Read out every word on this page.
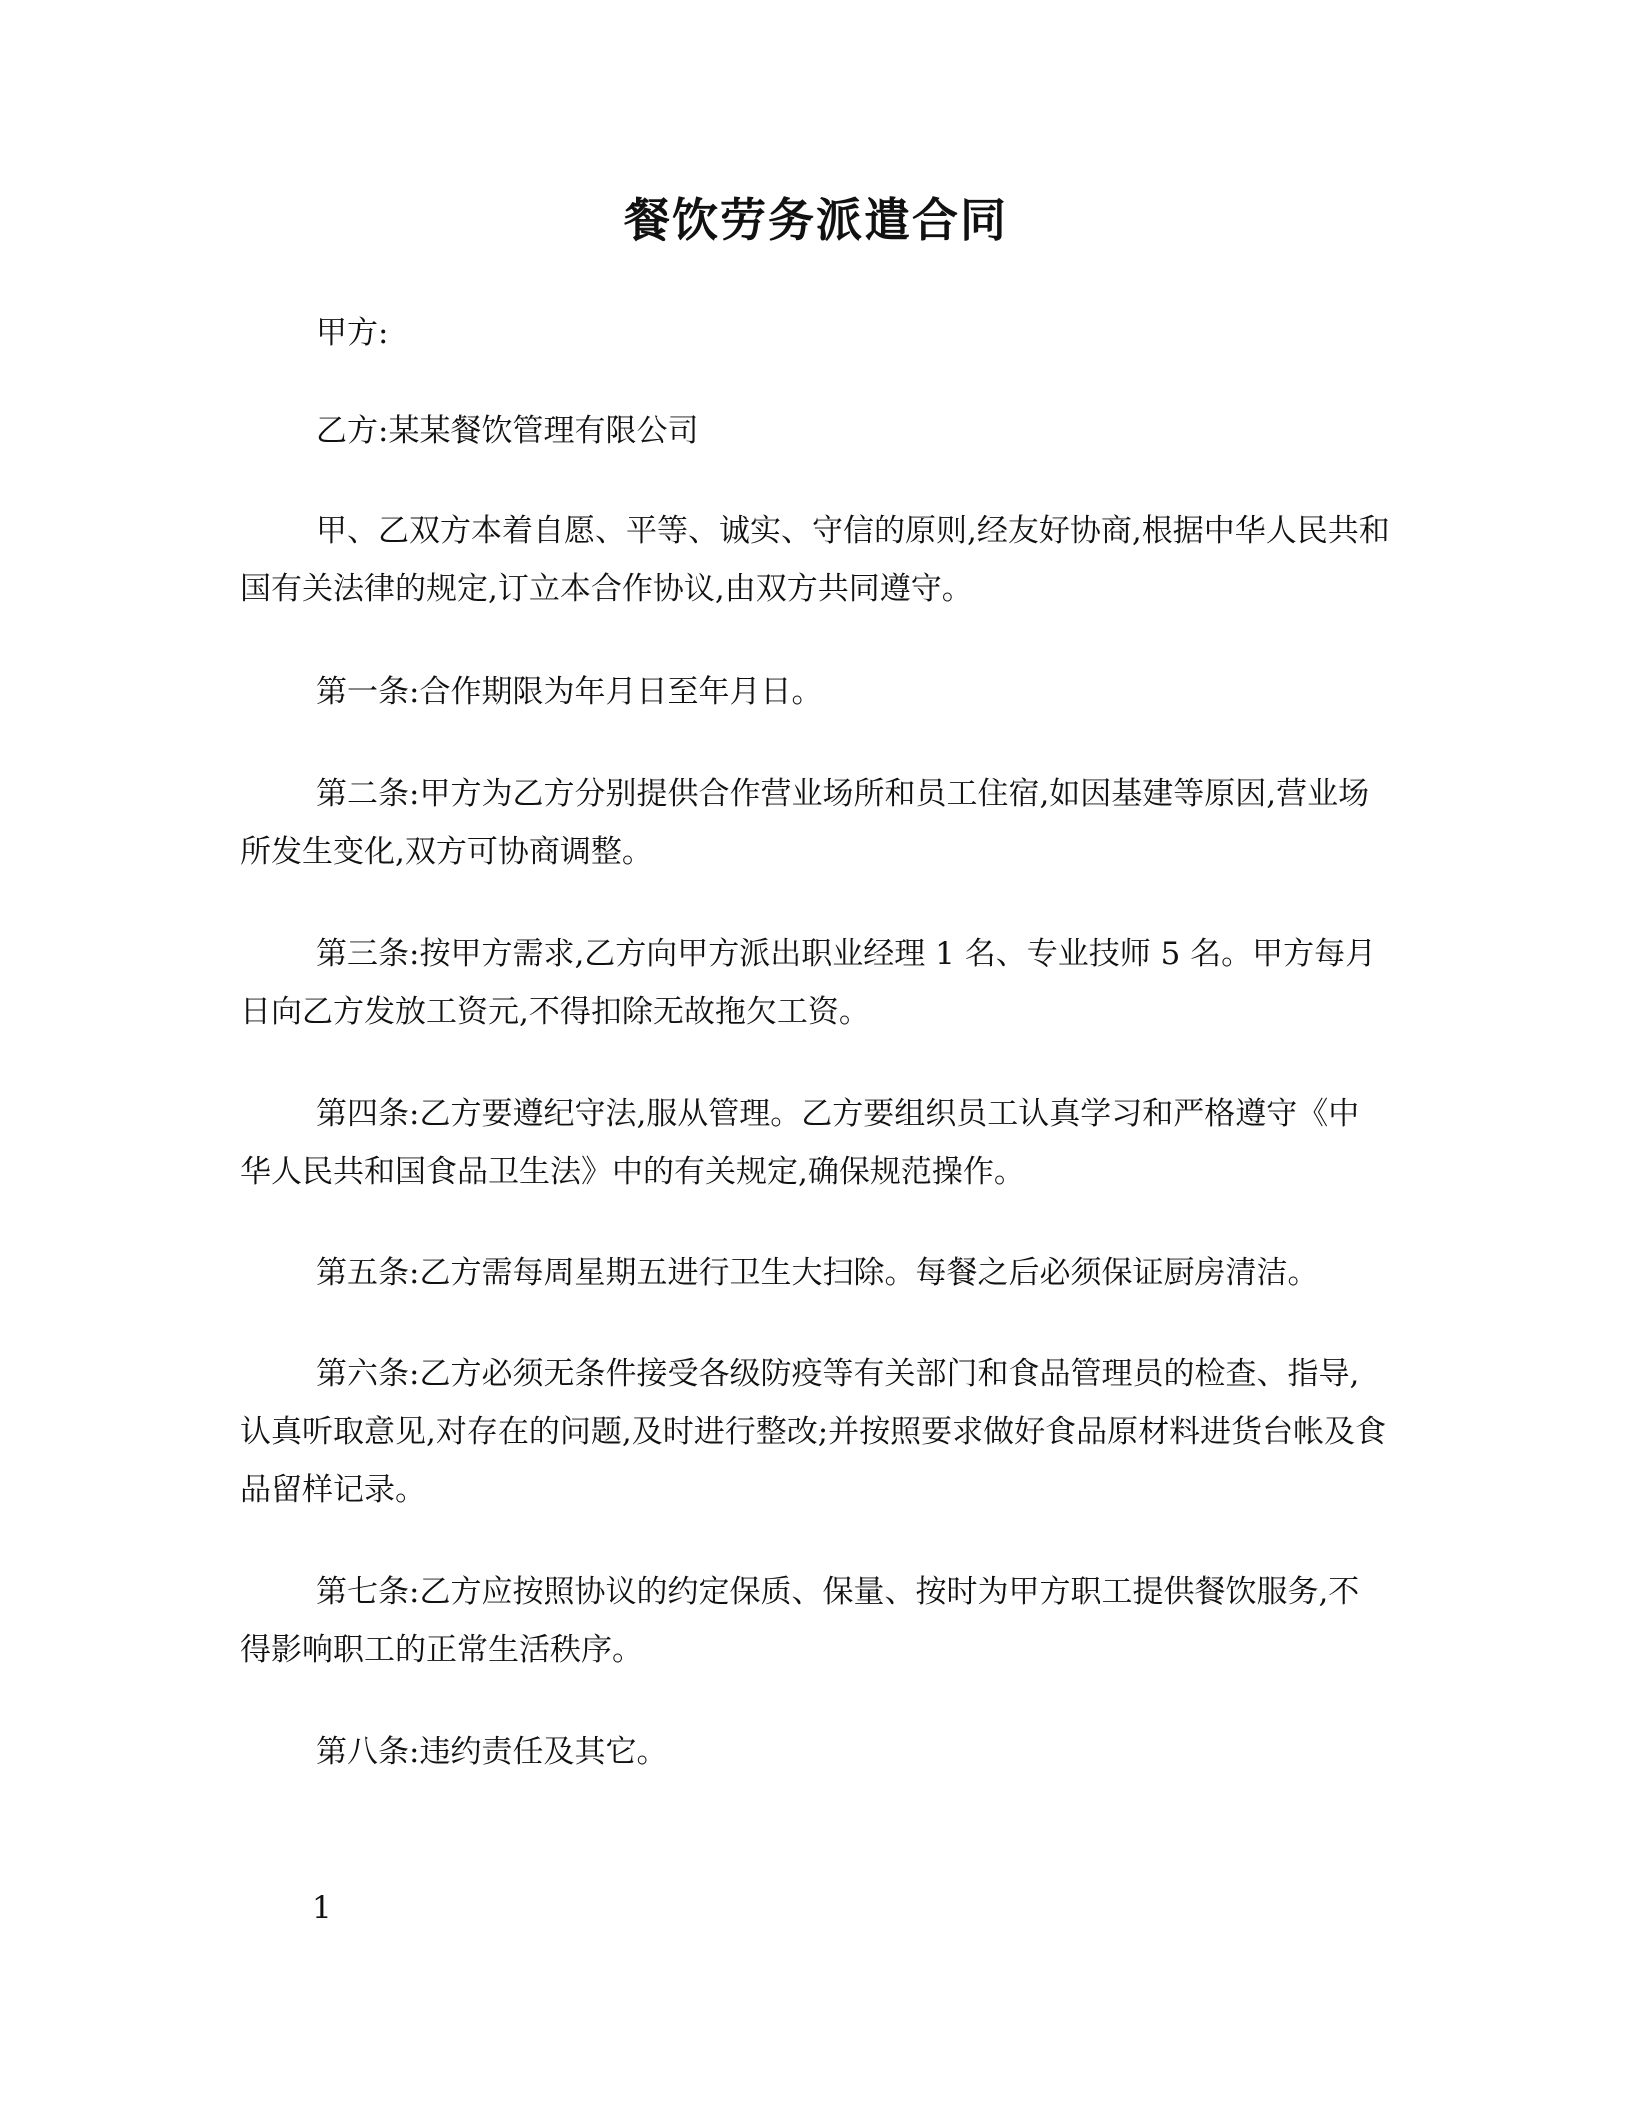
餐饮劳务派遣合同
甲方:
乙方:某某餐饮管理有限公司

甲、乙双方本着自愿、平等、诚实、守信的原则,经友好协商,根据中华人民共和国有关法律的规定,订立本合作协议,由双方共同遵守。

第一条:合作期限为年月日至年月日。

第二条:甲方为乙方分别提供合作营业场所和员工住宿,如因基建等原因,营业场所发生变化,双方可协商调整。

第三条:按甲方需求,乙方向甲方派出职业经理 1 名、专业技师 5 名。甲方每月日向乙方发放工资元,不得扣除无故拖欠工资。

第四条:乙方要遵纪守法,服从管理。乙方要组织员工认真学习和严格遵守《中华人民共和国食品卫生法》中的有关规定,确保规范操作。

第五条:乙方需每周星期五进行卫生大扫除。每餐之后必须保证厨房清洁。

第六条:乙方必须无条件接受各级防疫等有关部门和食品管理员的检查、指导,认真听取意见,对存在的问题,及时进行整改;并按照要求做好食品原材料进货台帐及食品留样记录。

第七条:乙方应按照协议的约定保质、保量、按时为甲方职工提供餐饮服务,不得影响职工的正常生活秩序。

第八条:违约责任及其它。

1
